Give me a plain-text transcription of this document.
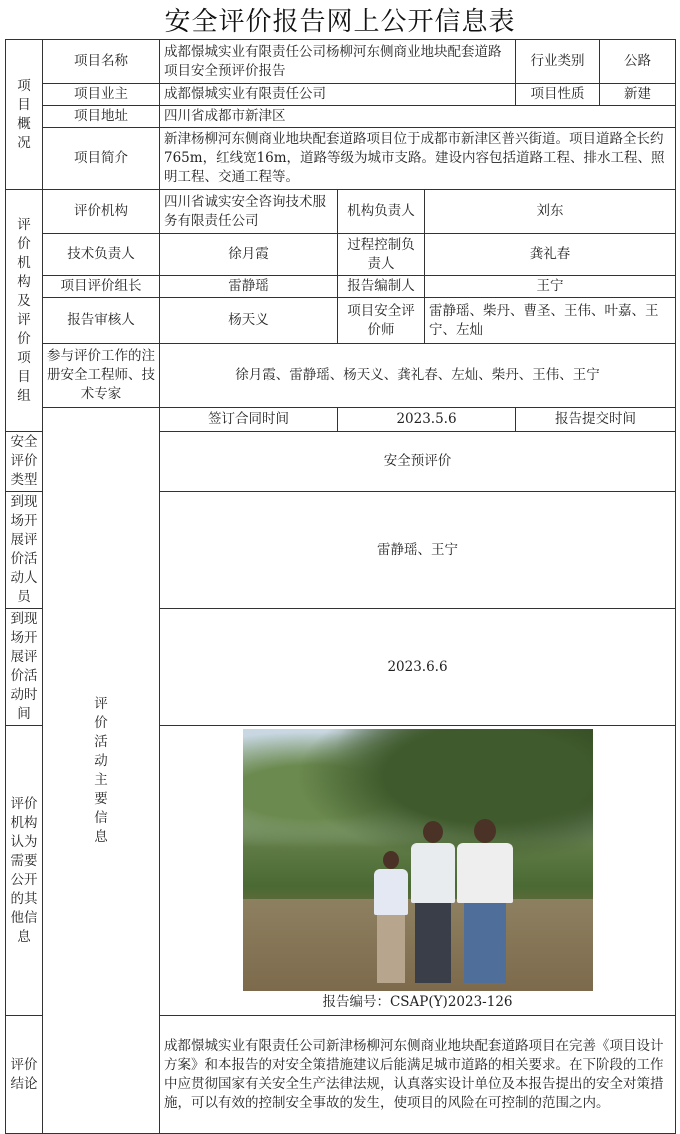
安全评价报告网上公开信息表
项目概况	项目名称	成都憬城实业有限责任公司杨柳河东侧商业地块配套道路项目安全预评价报告			行业类别	公路	
	项目业主	成都憬城实业有限责任公司			项目性质	新建	
	项目地址	四川省成都市新津区					
	项目简介	新津杨柳河东侧商业地块配套道路项目位于成都市新津区普兴街道。项目道路全长约765m，红线宽16m，道路等级为城市支路。建设内容包括道路工程、排水工程、照明工程、交通工程等。					

评价机构及评价项目组	评价机构	四川省诚实安全咨询技术服务有限责任公司	机构负责人	刘东			
	技术负责人	徐月霞	过程控制负责人	龚礼春			
	项目评价组长	雷静瑶	报告编制人	王宁			
	报告审核人	杨天义	项目安全评价师	雷静瑶、柴丹、曹圣、王伟、叶嘉、王宁、左灿			
	参与评价工作的注册安全工程师、技术专家	徐月霞、雷静瑶、杨天义、龚礼春、左灿、柴丹、王伟、王宁					

	评价活动主要信息	签订合同时间	2023.5.6		报告提交时间	
安全评价类型		安全预评价					
到现场开展评价活动人员		雷静瑶、王宁					
到现场开展评价活动时间		2023.6.6					
评价机构认为需要公开的其他信息		报告编号：CSAP(Y)2023-126					

评价结论		成都憬城实业有限责任公司新津杨柳河东侧商业地块配套道路项目在完善《项目设计方案》和本报告的对安全策措施建议后能满足城市道路的相关要求。在下阶段的工作中应贯彻国家有关安全生产法律法规，认真落实设计单位及本报告提出的安全对策措施，可以有效的控制安全事故的发生，使项目的风险在可控制的范围之内。					
